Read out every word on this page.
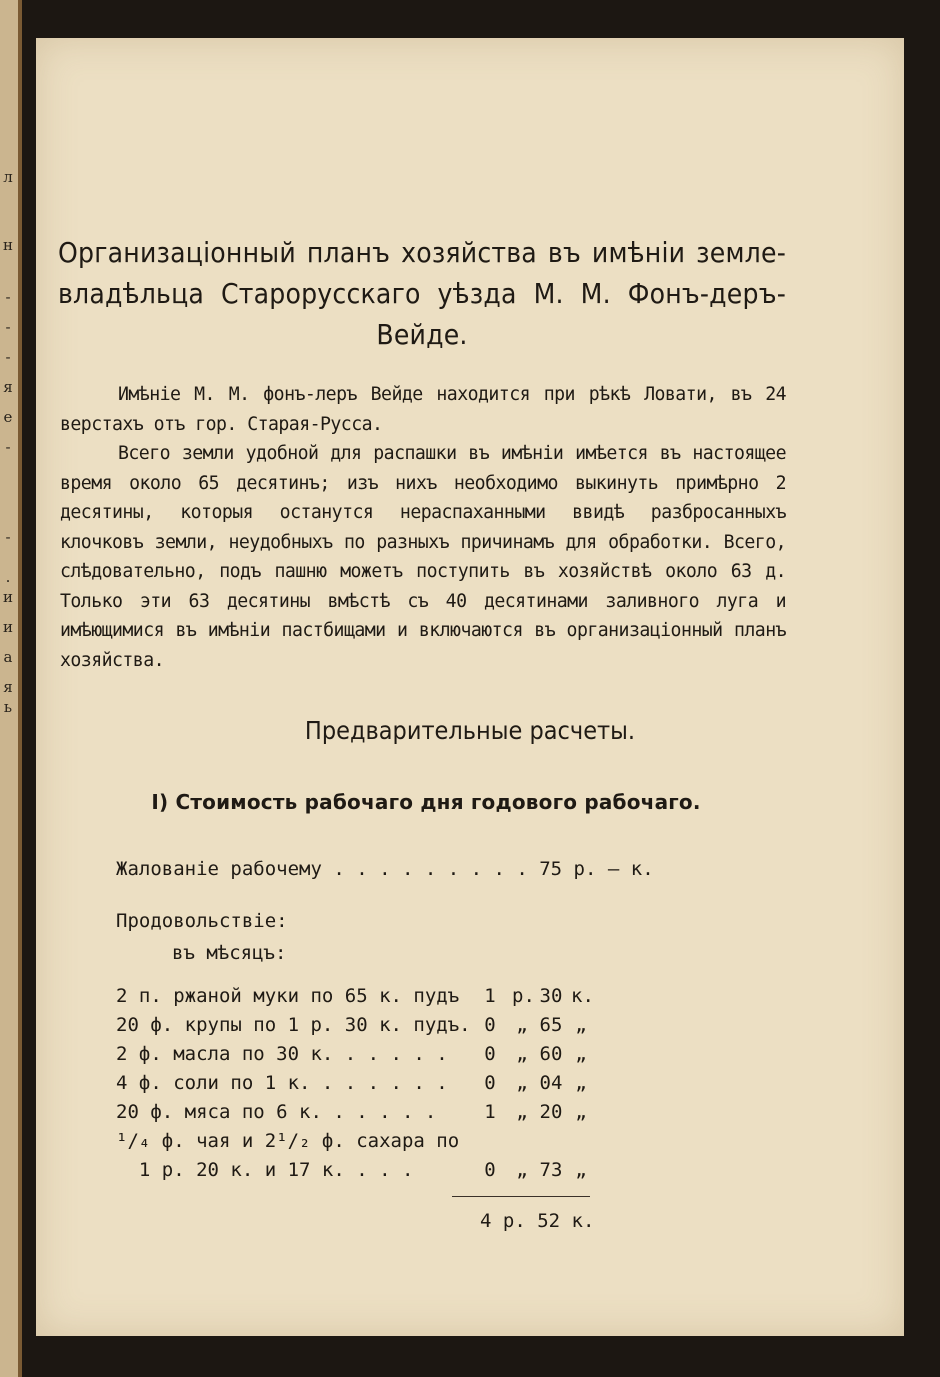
л
н
-
-
-
я
е
-
-
.
и
и
а
я
ь
Организаціонный планъ хозяйства въ имѣніи земле-
владѣльца Старорусскаго уѣзда М. М. Фонъ-деръ-
Вейде.

Имѣніе М. М. фонъ-леръ Вейде находится при рѣкѣ Ловати, въ 24 верстахъ отъ гор. Старая-Русса.

Всего земли удобной для распашки въ имѣніи имѣется въ настоящее время около 65 десятинъ; изъ нихъ необходимо выкинуть примѣрно 2 десятины, которыя останутся нераспаханными ввидѣ разбросанныхъ клочковъ земли, неудобныхъ по разныхъ причинамъ для обработки. Всего, слѣдовательно, подъ пашню можетъ поступить въ хозяйствѣ около 63 д. Только эти 63 десятины вмѣстѣ съ 40 десятинами заливного луга и имѣющимися въ имѣніи пастбищами и включаются въ организаціонный планъ хозяйства.

Предварительные расчеты.
I) Стоимость рабочаго дня годового рабочаго.
Жалованіе рабочему . . . . . . . . . 75 р. — к.
Продовольствіе:
въ мѣсяцъ:
2 п. ржаной муки по 65 к. пудъ 1 р. 30 к.
20 ф. крупы по 1 р. 30 к. пудъ. 0 „ 65 „
2 ф. масла по 30 к. . . . . . 0 „ 60 „
4 ф. соли по 1 к. . . . . . . 0 „ 04 „
20 ф. мяса по 6 к. . . . . .	1 „ 20 „
¹/₄ ф. чая и 2¹/₂ ф. сахара по
1 р. 20 к. и 17 к. . . .	0 „ 73 „
4 р. 52 к.
